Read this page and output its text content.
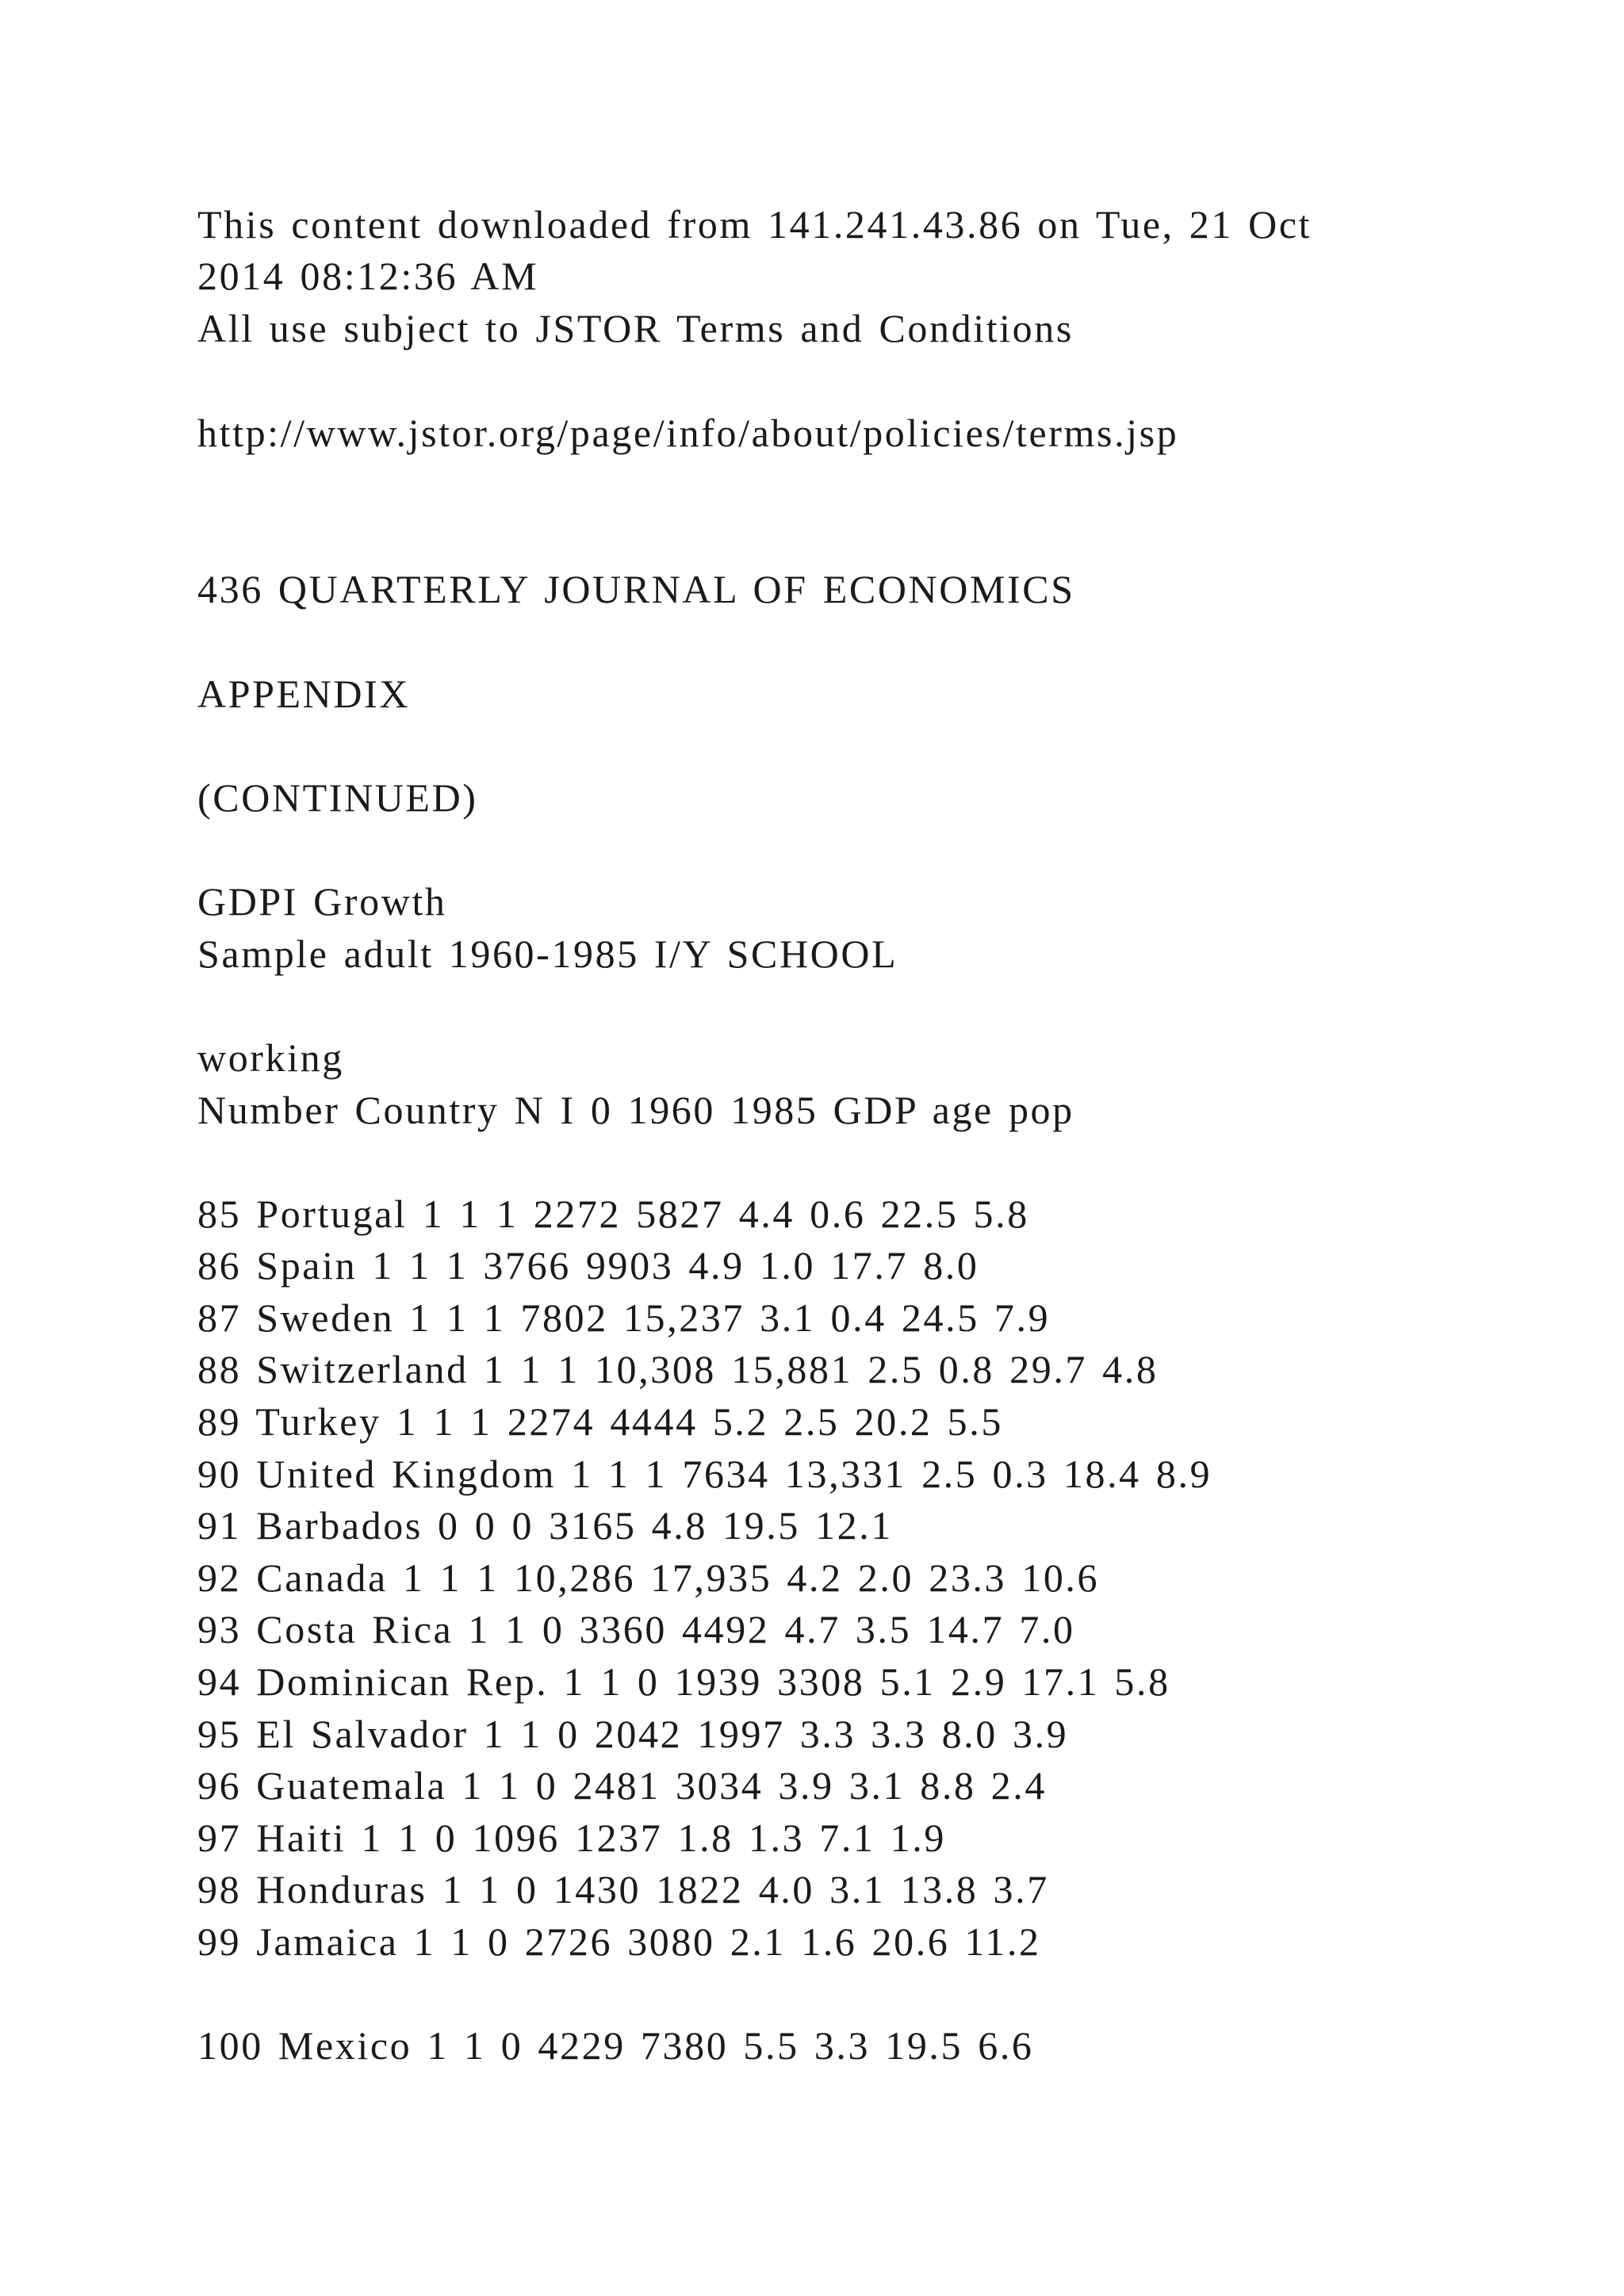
This content downloaded from 141.241.43.86 on Tue, 21 Oct
2014 08:12:36 AM
All use subject to JSTOR Terms and Conditions
http://www.jstor.org/page/info/about/policies/terms.jsp
436 QUARTERLY JOURNAL OF ECONOMICS
APPENDIX
(CONTINUED)
GDPI Growth
Sample adult 1960-1985 I/Y SCHOOL
working
Number Country N I 0 1960 1985 GDP age pop
85 Portugal 1 1 1 2272 5827 4.4 0.6 22.5 5.8
86 Spain 1 1 1 3766 9903 4.9 1.0 17.7 8.0
87 Sweden 1 1 1 7802 15,237 3.1 0.4 24.5 7.9
88 Switzerland 1 1 1 10,308 15,881 2.5 0.8 29.7 4.8
89 Turkey 1 1 1 2274 4444 5.2 2.5 20.2 5.5
90 United Kingdom 1 1 1 7634 13,331 2.5 0.3 18.4 8.9
91 Barbados 0 0 0 3165 4.8 19.5 12.1
92 Canada 1 1 1 10,286 17,935 4.2 2.0 23.3 10.6
93 Costa Rica 1 1 0 3360 4492 4.7 3.5 14.7 7.0
94 Dominican Rep. 1 1 0 1939 3308 5.1 2.9 17.1 5.8
95 El Salvador 1 1 0 2042 1997 3.3 3.3 8.0 3.9
96 Guatemala 1 1 0 2481 3034 3.9 3.1 8.8 2.4
97 Haiti 1 1 0 1096 1237 1.8 1.3 7.1 1.9
98 Honduras 1 1 0 1430 1822 4.0 3.1 13.8 3.7
99 Jamaica 1 1 0 2726 3080 2.1 1.6 20.6 11.2
100 Mexico 1 1 0 4229 7380 5.5 3.3 19.5 6.6
